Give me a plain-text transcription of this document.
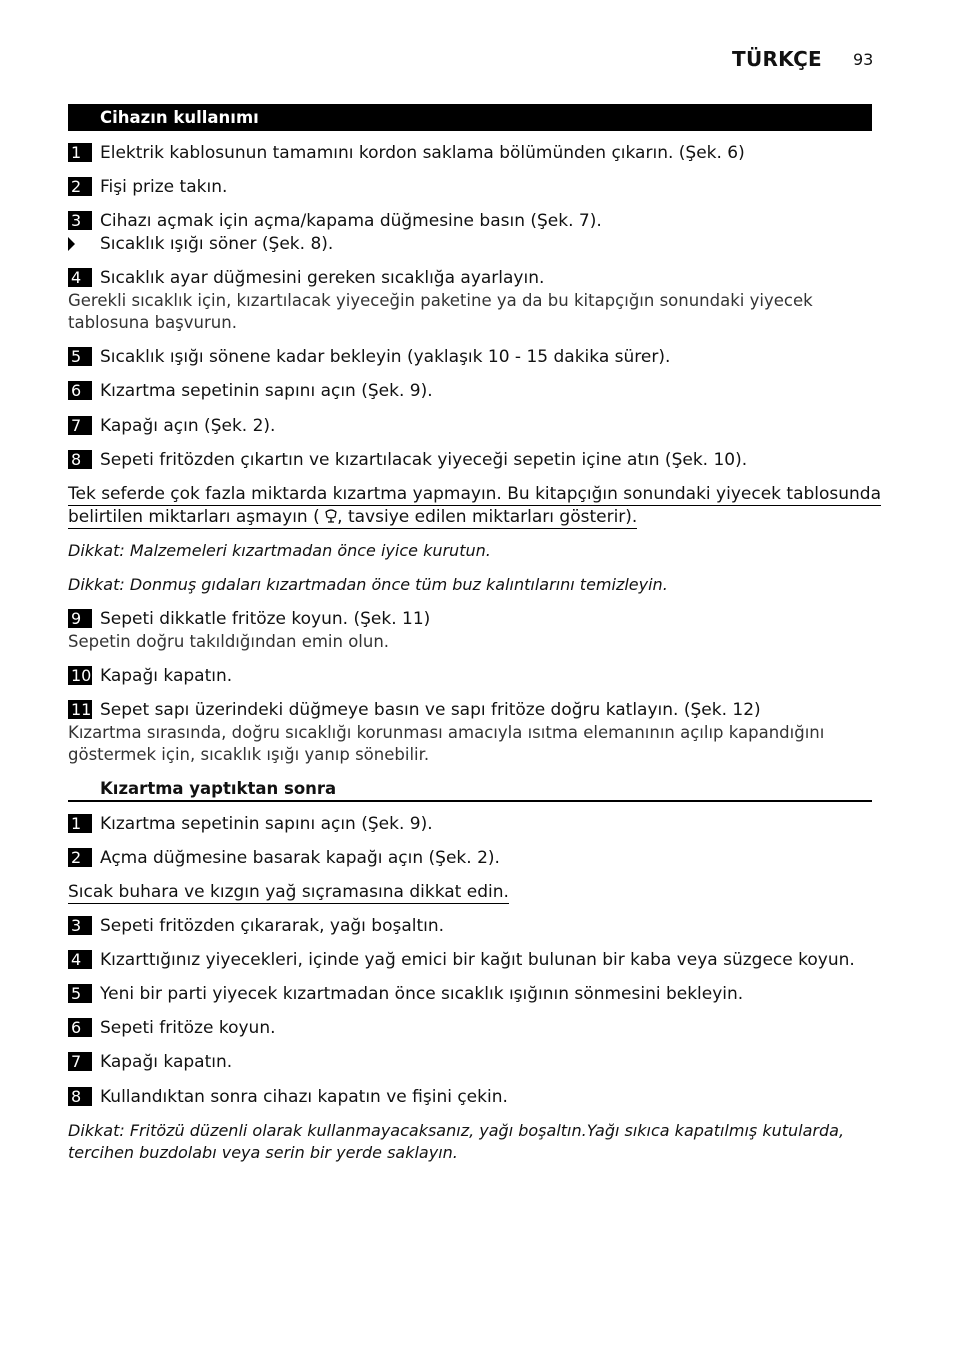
TÜRKÇE 93
Cihazın kullanımı
1	Elektrik kablosunun tamamını kordon saklama bölümünden çıkarın. (Şek. 6)
2	Fişi prize takın.
3	Cihazı açmak için açma/kapama düğmesine basın (Şek. 7).
Sıcaklık ışığı söner (Şek. 8).
4	Sıcaklık ayar düğmesini gereken sıcaklığa ayarlayın.
Gerekli sıcaklık için, kızartılacak yiyeceğin paketine ya da bu kitapçığın sonundaki yiyecek tablosuna başvurun.
5	Sıcaklık ışığı sönene kadar bekleyin (yaklaşık 10 - 15 dakika sürer).
6	Kızartma sepetinin sapını açın (Şek. 9).
7	Kapağı açın (Şek. 2).
8	Sepeti fritözden çıkartın ve kızartılacak yiyeceği sepetin içine atın (Şek. 10).
Tek seferde çok fazla miktarda kızartma yapmayın. Bu kitapçığın sonundaki yiyecek tablosunda
belirtilen miktarları aşmayın ( , tavsiye edilen miktarları gösterir).
Dikkat: Malzemeleri kızartmadan önce iyice kurutun.
Dikkat: Donmuş gıdaları kızartmadan önce tüm buz kalıntılarını temizleyin.
9	Sepeti dikkatle fritöze koyun. (Şek. 11)
Sepetin doğru takıldığından emin olun.
10 Kapağı kapatın.
11 Sepet sapı üzerindeki düğmeye basın ve sapı fritöze doğru katlayın. (Şek. 12)
Kızartma sırasında, doğru sıcaklığı korunması amacıyla ısıtma elemanının açılıp kapandığını göstermek için, sıcaklık ışığı yanıp sönebilir.
Kızartma yaptıktan sonra
1	Kızartma sepetinin sapını açın (Şek. 9).
2	Açma düğmesine basarak kapağı açın (Şek. 2).
Sıcak buhara ve kızgın yağ sıçramasına dikkat edin.
3	Sepeti fritözden çıkararak, yağı boşaltın.
4	Kızarttığınız yiyecekleri, içinde yağ emici bir kağıt bulunan bir kaba veya süzgece koyun.
5	Yeni bir parti yiyecek kızartmadan önce sıcaklık ışığının sönmesini bekleyin.
6	Sepeti fritöze koyun.
7	Kapağı kapatın.
8	Kullandıktan sonra cihazı kapatın ve fişini çekin.
Dikkat: Fritözü düzenli olarak kullanmayacaksanız, yağı boşaltın.Yağı sıkıca kapatılmış kutularda, tercihen buzdolabı veya serin bir yerde saklayın.
